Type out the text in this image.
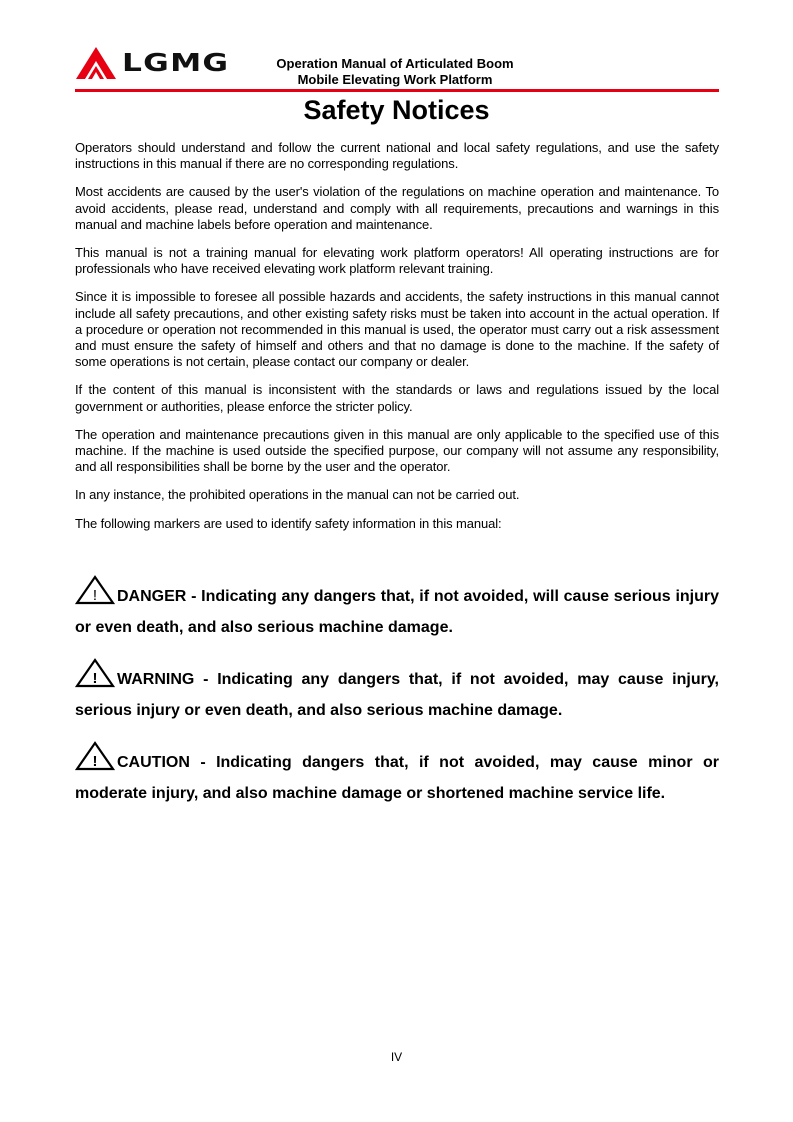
LGMG	Operation Manual of Articulated Boom
Mobile Elevating Work Platform
Safety Notices

Operators should understand and follow the current national and local safety regulations, and use the safety instructions in this manual if there are no corresponding regulations.

Most accidents are caused by the user's violation of the regulations on machine operation and maintenance. To avoid accidents, please read, understand and comply with all requirements, precautions and warnings in this manual and machine labels before operation and maintenance.

This manual is not a training manual for elevating work platform operators! All operating instructions are for professionals who have received elevating work platform relevant training.

Since it is impossible to foresee all possible hazards and accidents, the safety instructions in this manual cannot include all safety precautions, and other existing safety risks must be taken into account in the actual operation. If a procedure or operation not recommended in this manual is used, the operator must carry out a risk assessment and must ensure the safety of himself and others and that no damage is done to the machine. If the safety of some operations is not certain, please contact our company or dealer.

If the content of this manual is inconsistent with the standards or laws and regulations issued by the local government or authorities, please enforce the stricter policy.

The operation and maintenance precautions given in this manual are only applicable to the specified use of this machine. If the machine is used outside the specified purpose, our company will not assume any responsibility, and all responsibilities shall be borne by the user and the operator.

In any instance, the prohibited operations in the manual can not be carried out.

The following markers are used to identify safety information in this manual:

! DANGER - Indicating any dangers that, if not avoided, will cause serious injury or even death, and also serious machine damage.
! WARNING - Indicating any dangers that, if not avoided, may cause injury, serious injury or even death, and also serious machine damage.
! CAUTION - Indicating dangers that, if not avoided, may cause minor or moderate injury, and also machine damage or shortened machine service life.
IV
